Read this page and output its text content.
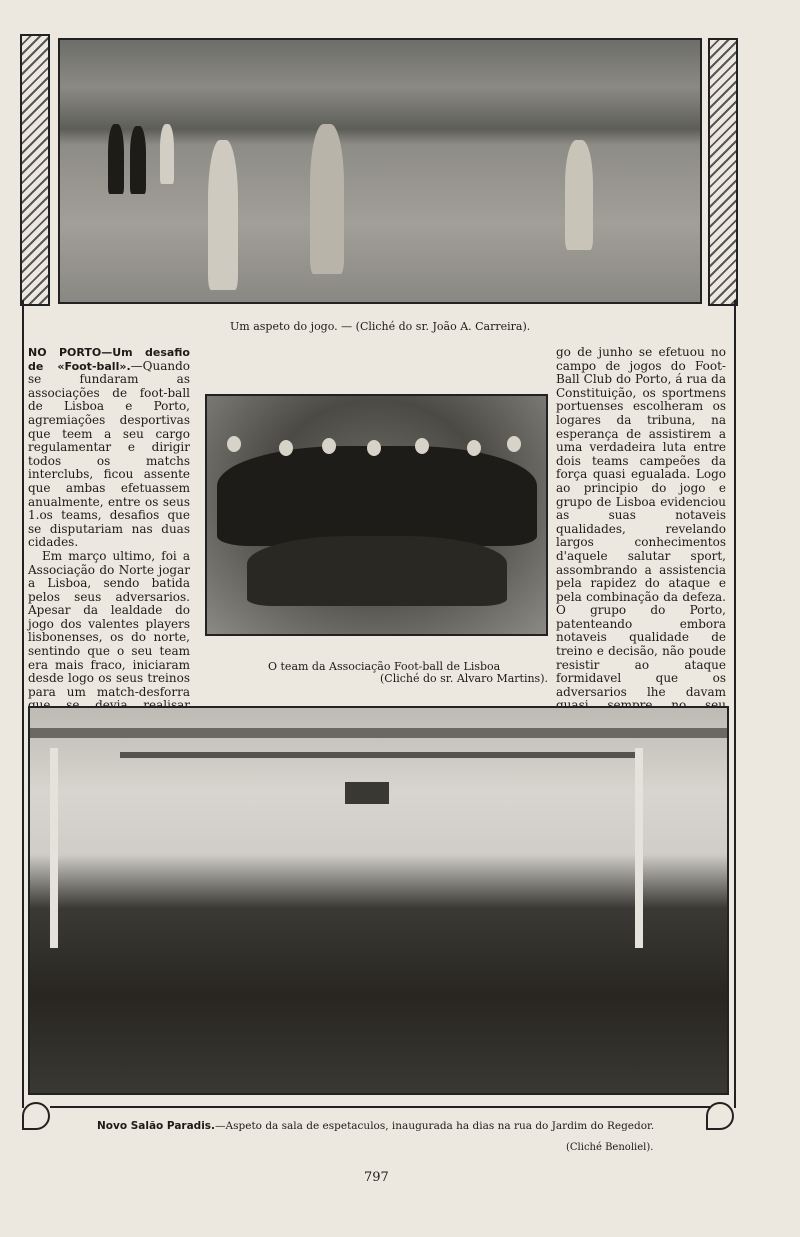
Um aspeto do jogo. — (Cliché do sr. João A. Carreira).

NO PORTO—Um desafio de «Foot-ball».—Quando se fundaram as associações de foot-ball de Lisboa e Porto, agremiações desportivas que teem a seu cargo regulamentar e dirigir todos os matchs interclubs, ficou assente que ambas efetuassem anualmente, entre os seus 1.os teams, desafios que se disputariam nas duas cidades.

Em março ultimo, foi a Associação do Norte jogar a Lisboa, sendo batida pelos seus adversarios. Apesar da lealdade do jogo dos valentes players lisbonenses, os do norte, sentindo que o seu team era mais fraco, iniciaram desde logo os seus treinos para um match-desforra

O team da Associação Foot-ball de Lisboa
(Cliché do sr. Alvaro Martins).

go de junho se efetuou no campo de jogos do Foot-Ball Club do Porto, á rua da Constituição, os sportmens portuenses escolheram os logares da tribuna, na esperança de assistirem a uma verdadeira luta entre dois teams campeões da força quasi egualada. Logo ao principio do jogo e grupo de Lisboa evidenciou as suas notaveis qualidades, revelando largos conhecimentos d'aquele salutar sport, assombrando a assistencia pela rapidez do ataque e pela combinação da defeza. O grupo do Porto, patenteando embora notaveis qualidade de treino e decisão, não poude resistir ao ataque formidavel que os adversarios lhe davam

Novo Salão Paradis.—Aspeto da sala de espetaculos, inaugurada ha dias na rua do Jardim do Regedor.
(Cliché Benoliel).
797
